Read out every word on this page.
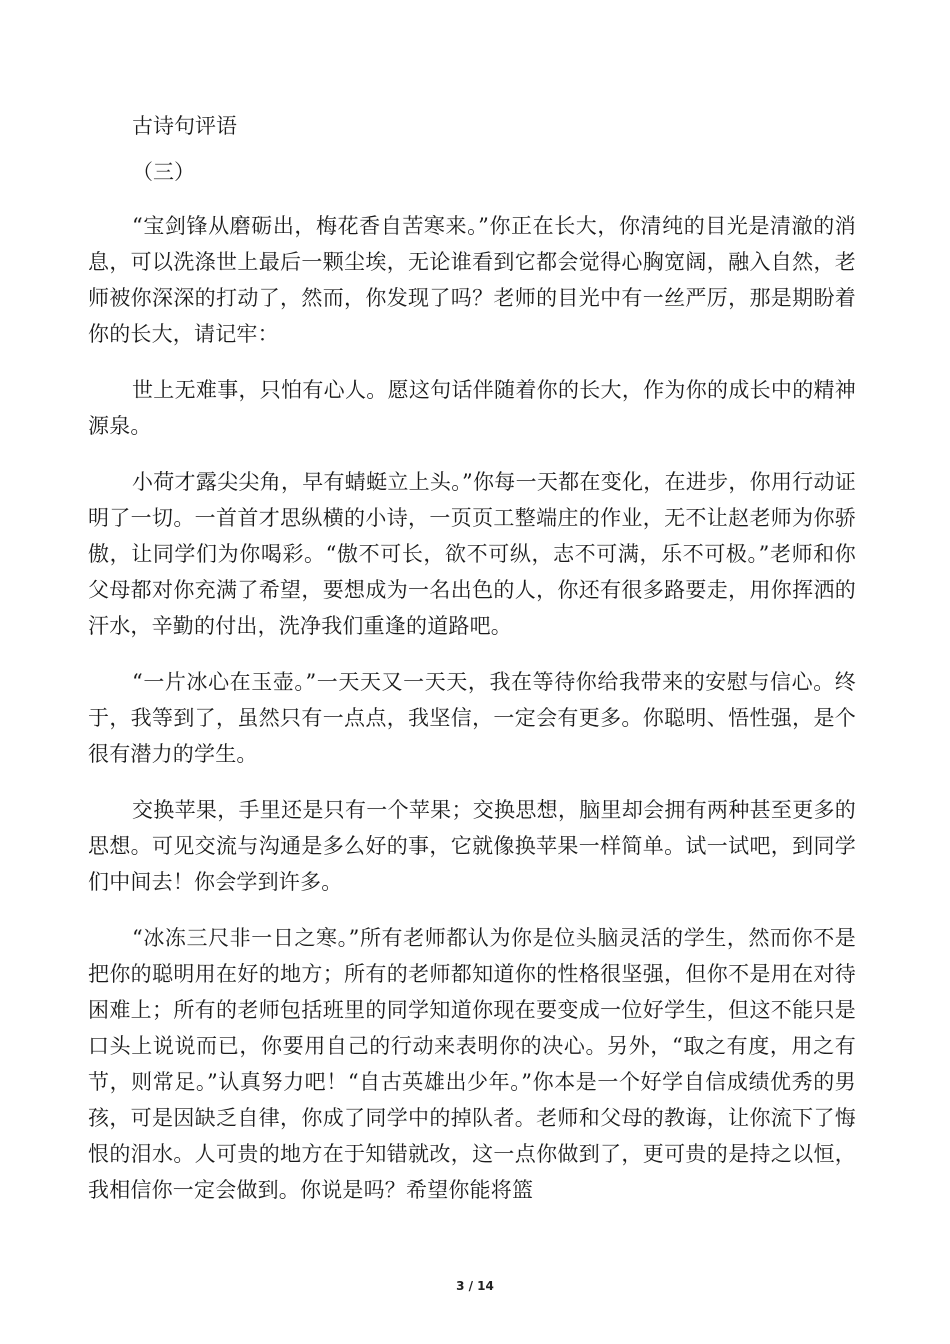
古诗句评语

（三）

“宝剑锋从磨砺出，梅花香自苦寒来。”你正在长大，你清纯的目光是清澈的消息，可以洗涤世上最后一颗尘埃，无论谁看到它都会觉得心胸宽阔，融入自然，老师被你深深的打动了，然而，你发现了吗？老师的目光中有一丝严厉，那是期盼着你的长大，请记牢：

世上无难事，只怕有心人。愿这句话伴随着你的长大，作为你的成长中的精神源泉。

小荷才露尖尖角，早有蜻蜓立上头。”你每一天都在变化，在进步，你用行动证明了一切。一首首才思纵横的小诗，一页页工整端庄的作业，无不让赵老师为你骄傲，让同学们为你喝彩。“傲不可长，欲不可纵，志不可满，乐不可极。”老师和你父母都对你充满了希望，要想成为一名出色的人，你还有很多路要走，用你挥洒的汗水，辛勤的付出，洗净我们重逢的道路吧。

“一片冰心在玉壶。”一天天又一天天，我在等待你给我带来的安慰与信心。终于，我等到了，虽然只有一点点，我坚信，一定会有更多。你聪明、悟性强，是个很有潜力的学生。

交换苹果，手里还是只有一个苹果；交换思想，脑里却会拥有两种甚至更多的思想。可见交流与沟通是多么好的事，它就像换苹果一样简单。试一试吧，到同学们中间去！你会学到许多。

“冰冻三尺非一日之寒。”所有老师都认为你是位头脑灵活的学生，然而你不是把你的聪明用在好的地方；所有的老师都知道你的性格很坚强，但你不是用在对待困难上；所有的老师包括班里的同学知道你现在要变成一位好学生，但这不能只是口头上说说而已，你要用自己的行动来表明你的决心。另外，“取之有度，用之有节，则常足。”认真努力吧！“自古英雄出少年。”你本是一个好学自信成绩优秀的男孩，可是因缺乏自律，你成了同学中的掉队者。老师和父母的教诲，让你流下了悔恨的泪水。人可贵的地方在于知错就改，这一点你做到了，更可贵的是持之以恒，我相信你一定会做到。你说是吗？希望你能将篮

3 / 14
